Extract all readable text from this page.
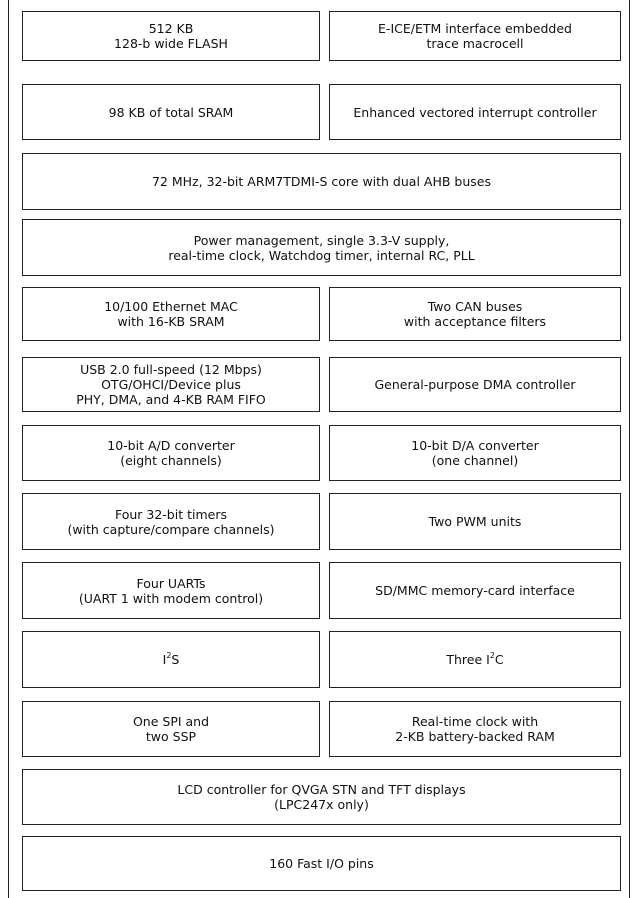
512 KB
128-b wide FLASH
E-ICE/ETM interface embedded
trace macrocell
98 KB of total SRAM	Enhanced vectored interrupt controller
72 MHz, 32-bit ARM7TDMI-S core with dual AHB buses
Power management, single 3.3-V supply,
real-time clock, Watchdog timer, internal RC, PLL
10/100 Ethernet MAC
with 16-KB SRAM
Two CAN buses
with acceptance filters
USB 2.0 full-speed (12 Mbps)
OTG/OHCI/Device plus
PHY, DMA, and 4-KB RAM FIFO
General-purpose DMA controller
10-bit A/D converter
(eight channels)
10-bit D/A converter
(one channel)
Four 32-bit timers
(with capture/compare channels)	Two PWM units
Four UARTs
(UART 1 with modem control)	SD/MMC memory-card interface
$I^2S$	Three $I^2C$
One SPI and
two SSP
Real-time clock with
2-KB battery-backed RAM
LCD controller for QVGA STN and TFT displays
(LPC247x only)
160 Fast I/O pins
